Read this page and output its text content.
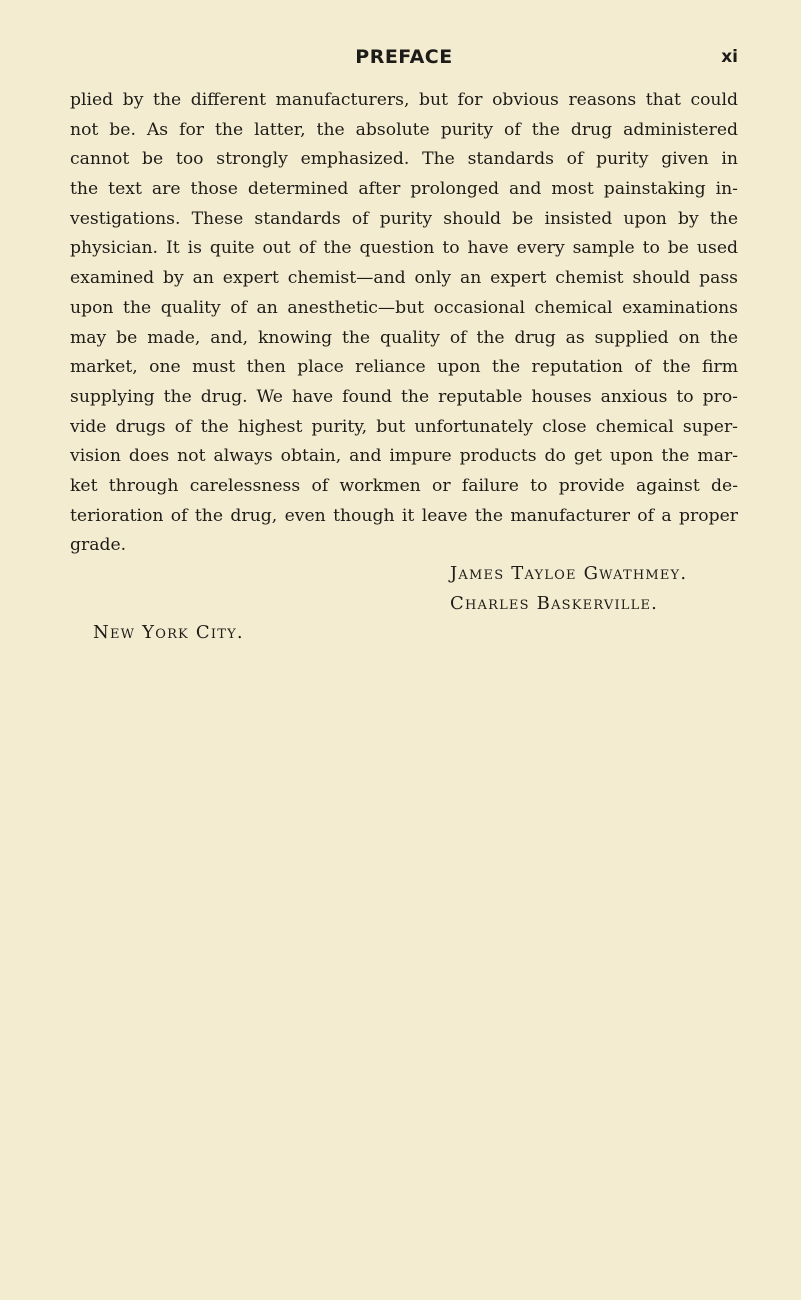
PREFACE	xi
plied by the different manufacturers, but for obvious reasons that could
not be. As for the latter, the absolute purity of the drug administered
cannot be too strongly emphasized. The standards of purity given in
the text are those determined after prolonged and most painstaking in-
vestigations. These standards of purity should be insisted upon by the
physician. It is quite out of the question to have every sample to be used
examined by an expert chemist—and only an expert chemist should pass
upon the quality of an anesthetic—but occasional chemical examinations
may be made, and, knowing the quality of the drug as supplied on the
market, one must then place reliance upon the reputation of the firm
supplying the drug. We have found the reputable houses anxious to pro-
vide drugs of the highest purity, but unfortunately close chemical super-
vision does not always obtain, and impure products do get upon the mar-
ket through carelessness of workmen or failure to provide against de-
terioration of the drug, even though it leave the manufacturer of a proper
grade.
James Tayloe Gwathmey.
Charles Baskerville.
New York City.
